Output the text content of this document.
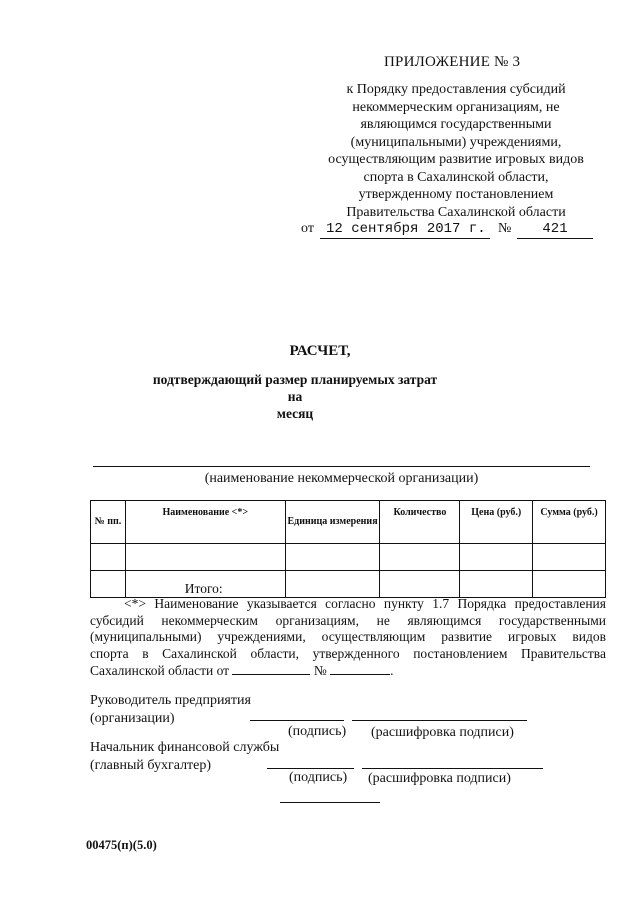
ПРИЛОЖЕНИЕ № 3
к Порядку предоставления субсидий
некоммерческим организациям, не
являющимся государственными
(муниципальными) учреждениями,
осуществляющим развитие игровых видов
спорта в Сахалинской области,
утвержденному постановлением
Правительства Сахалинской области
от 12 сентября 2017 г. №	421
РАСЧЕТ,
подтверждающий размер планируемых затрат на
месяц
(наименование некоммерческой организации)
№ пп.	Наименование <*>	Единица измерения	Количество	Цена (руб.)	Сумма (руб.)

	Итого:				
<*> Наименование указывается согласно пункту 1.7 Порядка предоставления
субсидий некоммерческим организациям, не являющимся государственными
(муниципальными) учреждениями, осуществляющим развитие игровых видов
спорта в Сахалинской области, утвержденного постановлением Правительства
Сахалинской области от	№	.
Руководитель предприятия
(организации)
(подпись) (расшифровка подписи)
Начальник финансовой службы
(главный бухгалтер)
(подпись) (расшифровка подписи)
00475(п)(5.0)
